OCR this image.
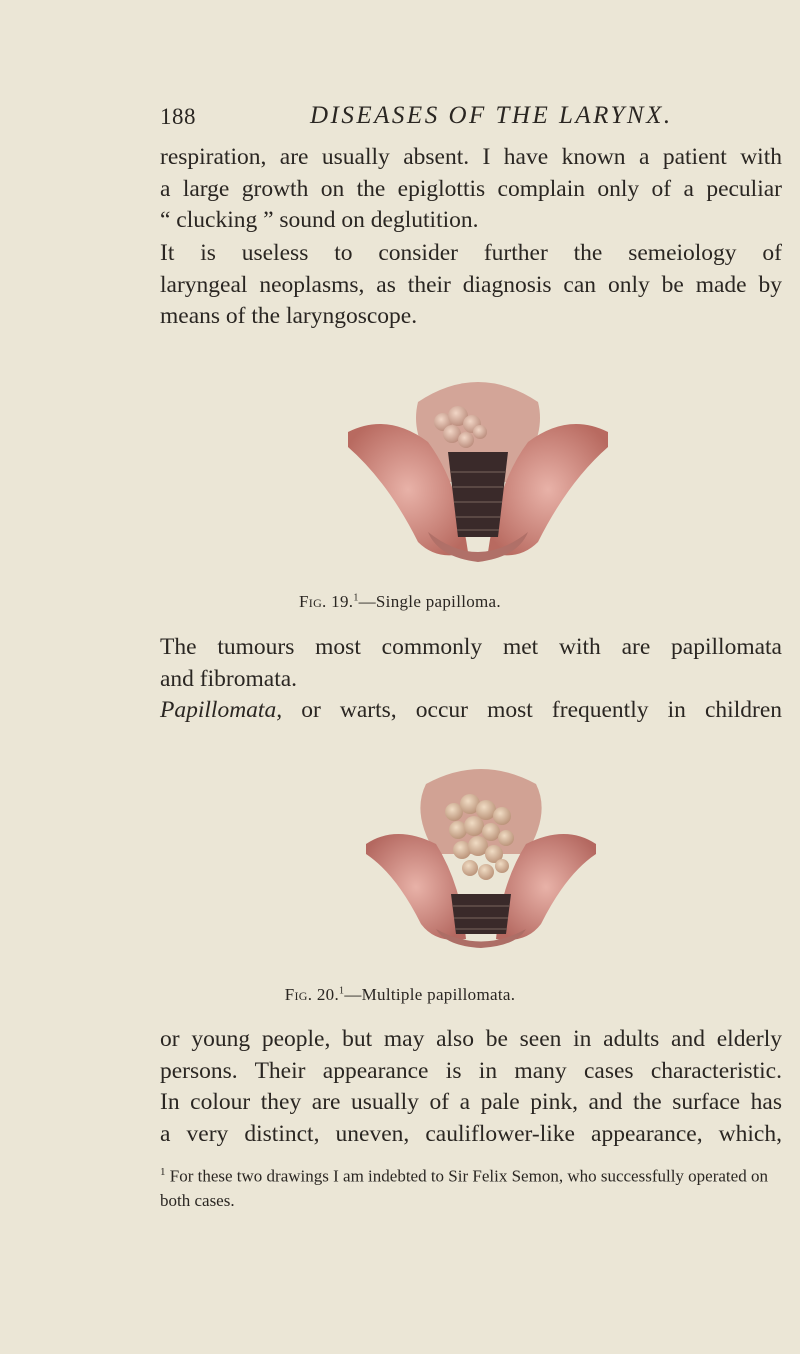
188	DISEASES OF THE LARYNX.

respiration, are usually absent. I have known a patient with
a large growth on the epiglottis complain only of a peculiar
“ clucking ” sound on deglutition.

It is useless to consider further the semeiology of
laryngeal neoplasms, as their diagnosis can only be made by
means of the laryngoscope.

Fig. 19.$^1$—Single papilloma.

The tumours most commonly met with are papillomata
and fibromata.

Papillomata, or warts, occur most frequently in children

Fig. 20.$^1$—Multiple papillomata.

or young people, but may also be seen in adults and elderly
persons. Their appearance is in many cases characteristic.
In colour they are usually of a pale pink, and the surface has
a very distinct, uneven, cauliflower-like appearance, which,

$^1$ For these two drawings I am indebted to Sir Felix Semon, who successfully operated on both cases.
